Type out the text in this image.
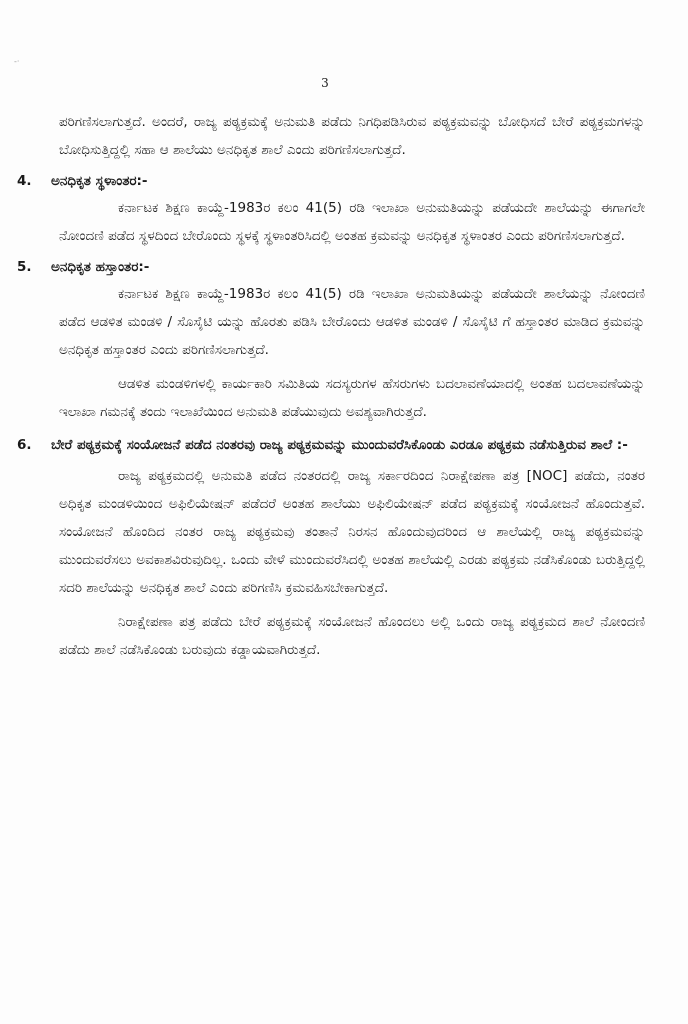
-·
3

ಪರಿಗಣಿಸಲಾಗುತ್ತದೆ. ಅಂದರೆ, ರಾಜ್ಯ ಪಠ್ಯಕ್ರಮಕ್ಕೆ ಅನುಮತಿ ಪಡೆದು ನಿಗಧಿಪಡಿಸಿರುವ ಪಠ್ಯಕ್ರಮವನ್ನು ಬೋಧಿಸದೆ ಬೇರೆ ಪಠ್ಯಕ್ರಮಗಳನ್ನು ಬೋಧಿಸುತ್ತಿದ್ದಲ್ಲಿ ಸಹಾ ಆ ಶಾಲೆಯು ಅನಧಿಕೃತ ಶಾಲೆ ಎಂದು ಪರಿಗಣಿಸಲಾಗುತ್ತದೆ.

4.	ಅನಧಿಕೃತ ಸ್ಥಳಾಂತರ:-

ಕರ್ನಾಟಕ ಶಿಕ್ಷಣ ಕಾಯ್ದೆ-1983ರ ಕಲಂ 41(5) ರಡಿ ಇಲಾಖಾ ಅನುಮತಿಯನ್ನು ಪಡೆಯದೇ ಶಾಲೆಯನ್ನು ಈಗಾಗಲೇ ನೋಂದಣಿ ಪಡೆದ ಸ್ಥಳದಿಂದ ಬೇರೊಂದು ಸ್ಥಳಕ್ಕೆ ಸ್ಥಳಾಂತರಿಸಿದಲ್ಲಿ ಅಂತಹ ಕ್ರಮವನ್ನು ಅನಧಿಕೃತ ಸ್ಥಳಾಂತರ ಎಂದು ಪರಿಗಣಿಸಲಾಗುತ್ತದೆ.

5.	ಅನಧಿಕೃತ ಹಸ್ತಾಂತರ:-

ಕರ್ನಾಟಕ ಶಿಕ್ಷಣ ಕಾಯ್ದೆ-1983ರ ಕಲಂ 41(5) ರಡಿ ಇಲಾಖಾ ಅನುಮತಿಯನ್ನು ಪಡೆಯದೇ ಶಾಲೆಯನ್ನು ನೋಂದಣಿ ಪಡೆದ ಆಡಳಿತ ಮಂಡಳಿ / ಸೊಸೈಟಿ ಯನ್ನು ಹೊರತು ಪಡಿಸಿ ಬೇರೊಂದು ಆಡಳಿತ ಮಂಡಳಿ / ಸೊಸೈಟಿ ಗೆ ಹಸ್ತಾಂತರ ಮಾಡಿದ ಕ್ರಮವನ್ನು ಅನಧಿಕೃತ ಹಸ್ತಾಂತರ ಎಂದು ಪರಿಗಣಿಸಲಾಗುತ್ತದೆ.

ಆಡಳಿತ ಮಂಡಳಿಗಳಲ್ಲಿ ಕಾರ್ಯಕಾರಿ ಸಮಿತಿಯ ಸದಸ್ಯರುಗಳ ಹೆಸರುಗಳು ಬದಲಾವಣೆಯಾದಲ್ಲಿ ಅಂತಹ ಬದಲಾವಣೆಯನ್ನು ಇಲಾಖಾ ಗಮನಕ್ಕೆ ತಂದು ಇಲಾಖೆಯಿಂದ ಅನುಮತಿ ಪಡೆಯುವುದು ಅವಶ್ಯವಾಗಿರುತ್ತದೆ.

6.	ಬೇರೆ ಪಠ್ಯಕ್ರಮಕ್ಕೆ ಸಂಯೋಜನೆ ಪಡೆದ ನಂತರವು ರಾಜ್ಯ ಪಠ್ಯಕ್ರಮವನ್ನು ಮುಂದುವರೆಸಿಕೊಂಡು ಎರಡೂ ಪಠ್ಯಕ್ರಮ ನಡೆಸುತ್ತಿರುವ ಶಾಲೆ :-

ರಾಜ್ಯ ಪಠ್ಯಕ್ರಮದಲ್ಲಿ ಅನುಮತಿ ಪಡೆದ ನಂತರದಲ್ಲಿ ರಾಜ್ಯ ಸರ್ಕಾರದಿಂದ ನಿರಾಕ್ಷೇಪಣಾ ಪತ್ರ [NOC] ಪಡೆದು, ನಂತರ ಅಧಿಕೃತ ಮಂಡಳಿಯಿಂದ ಅಫಿಲಿಯೇಷನ್ ಪಡೆದರೆ ಅಂತಹ ಶಾಲೆಯು ಅಫಿಲಿಯೇಷನ್ ಪಡೆದ ಪಠ್ಯಕ್ರಮಕ್ಕೆ ಸಂಯೋಜನೆ ಹೊಂದುತ್ತವೆ. ಸಂಯೋಜನೆ ಹೊಂದಿದ ನಂತರ ರಾಜ್ಯ ಪಠ್ಯಕ್ರಮವು ತಂತಾನೆ ನಿರಸನ ಹೊಂದುವುದರಿಂದ ಆ ಶಾಲೆಯಲ್ಲಿ ರಾಜ್ಯ ಪಠ್ಯಕ್ರಮವನ್ನು ಮುಂದುವರೆಸಲು ಅವಕಾಶವಿರುವುದಿಲ್ಲ. ಒಂದು ವೇಳೆ ಮುಂದುವರೆಸಿದಲ್ಲಿ ಅಂತಹ ಶಾಲೆಯಲ್ಲಿ ಎರಡು ಪಠ್ಯಕ್ರಮ ನಡೆಸಿಕೊಂಡು ಬರುತ್ತಿದ್ದಲ್ಲಿ ಸದರಿ ಶಾಲೆಯನ್ನು ಅನಧಿಕೃತ ಶಾಲೆ ಎಂದು ಪರಿಗಣಿಸಿ ಕ್ರಮವಹಿಸಬೇಕಾಗುತ್ತದೆ.

ನಿರಾಕ್ಷೇಪಣಾ ಪತ್ರ ಪಡೆದು ಬೇರೆ ಪಠ್ಯಕ್ರಮಕ್ಕೆ ಸಂಯೋಜನೆ ಹೊಂದಲು ಅಲ್ಲಿ ಒಂದು ರಾಜ್ಯ ಪಠ್ಯಕ್ರಮದ ಶಾಲೆ ನೋಂದಣಿ ಪಡೆದು ಶಾಲೆ ನಡೆಸಿಕೊಂಡು ಬರುವುದು ಕಡ್ಡಾಯವಾಗಿರುತ್ತದೆ.
